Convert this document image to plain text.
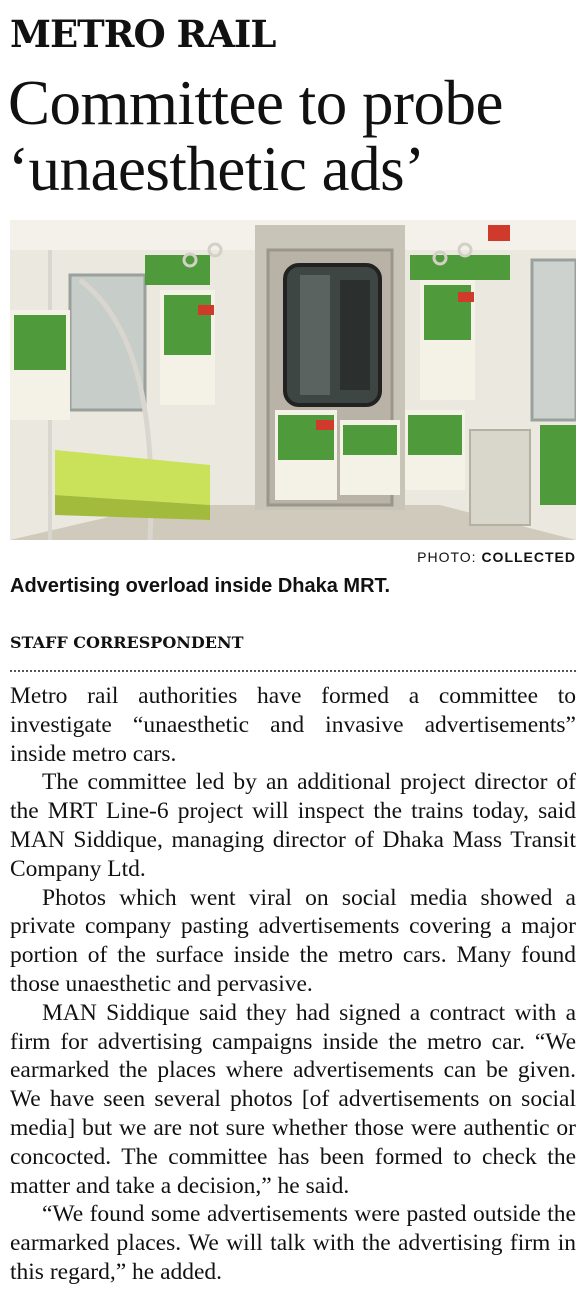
METRO RAIL
Committee to probe ‘unaesthetic ads’
PHOTO: COLLECTED

Advertising overload inside Dhaka MRT.

STAFF CORRESPONDENT

Metro rail authorities have formed a committee to investigate “unaesthetic and invasive advertisements” inside metro cars.

The committee led by an additional project director of the MRT Line-6 project will inspect the trains today, said MAN Siddique, managing director of Dhaka Mass Transit Company Ltd.

Photos which went viral on social media showed a private company pasting advertisements covering a major portion of the surface inside the metro cars. Many found those unaesthetic and pervasive.

MAN Siddique said they had signed a contract with a firm for advertising campaigns inside the metro car. “We earmarked the places where advertisements can be given. We have seen several photos [of advertisements on social media] but we are not sure whether those were authentic or concocted. The committee has been formed to check the matter and take a decision,” he said.

“We found some advertisements were pasted outside the earmarked places. We will talk with the advertising firm in this regard,” he added.
